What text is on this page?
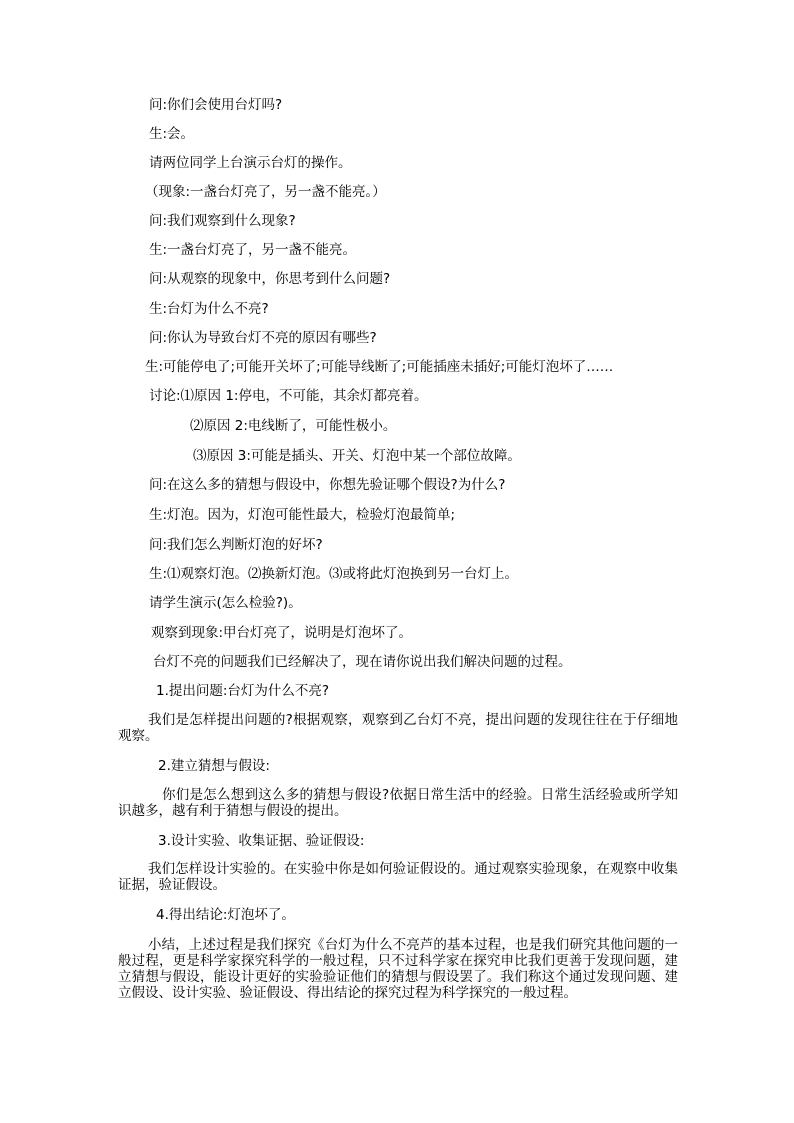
问:你们会使用台灯吗?

生:会。

请两位同学上台演示台灯的操作。

（现象:一盏台灯亮了，另一盏不能亮。）

问:我们观察到什么现象?

生:一盏台灯亮了，另一盏不能亮。

问:从观察的现象中，你思考到什么问题?

生:台灯为什么不亮?

问:你认为导致台灯不亮的原因有哪些?

生:可能停电了;可能开关坏了;可能导线断了;可能插座未插好;可能灯泡坏了……

讨论:⑴原因 1:停电，不可能，其余灯都亮着。

⑵原因 2:电线断了，可能性极小。

⑶原因 3:可能是插头、开关、灯泡中某一个部位故障。

问:在这么多的猜想与假设中，你想先验证哪个假设?为什么?

生:灯泡。因为，灯泡可能性最大，检验灯泡最简单;

问:我们怎么判断灯泡的好坏?

生:⑴观察灯泡。⑵换新灯泡。⑶或将此灯泡换到另一台灯上。

请学生演示(怎么检验?)。

观察到现象:甲台灯亮了，说明是灯泡坏了。

台灯不亮的问题我们已经解决了，现在请你说出我们解决问题的过程。

1.提出问题:台灯为什么不亮?

我们是怎样提出问题的?根据观察，观察到乙台灯不亮，提出问题的发现往往在于仔细地观察。

2.建立猜想与假设:

你们是怎么想到这么多的猜想与假设?依据日常生活中的经验。日常生活经验或所学知识越多，越有利于猜想与假设的提出。

3.设计实验、收集证据、验证假设:

我们怎样设计实验的。在实验中你是如何验证假设的。通过观察实验现象，在观察中收集证据，验证假设。

4.得出结论:灯泡坏了。

小结，上述过程是我们探究《台灯为什么不亮芦的基本过程，也是我们研究其他问题的一般过程，更是科学家探究科学的一般过程，只不过科学家在探究申比我们更善于发现问题，建立猜想与假设，能设计更好的实验验证他们的猜想与假设罢了。我们称这个通过发现问题、建立假设、设计实验、验证假设、得出结论的探究过程为科学探究的一般过程。
